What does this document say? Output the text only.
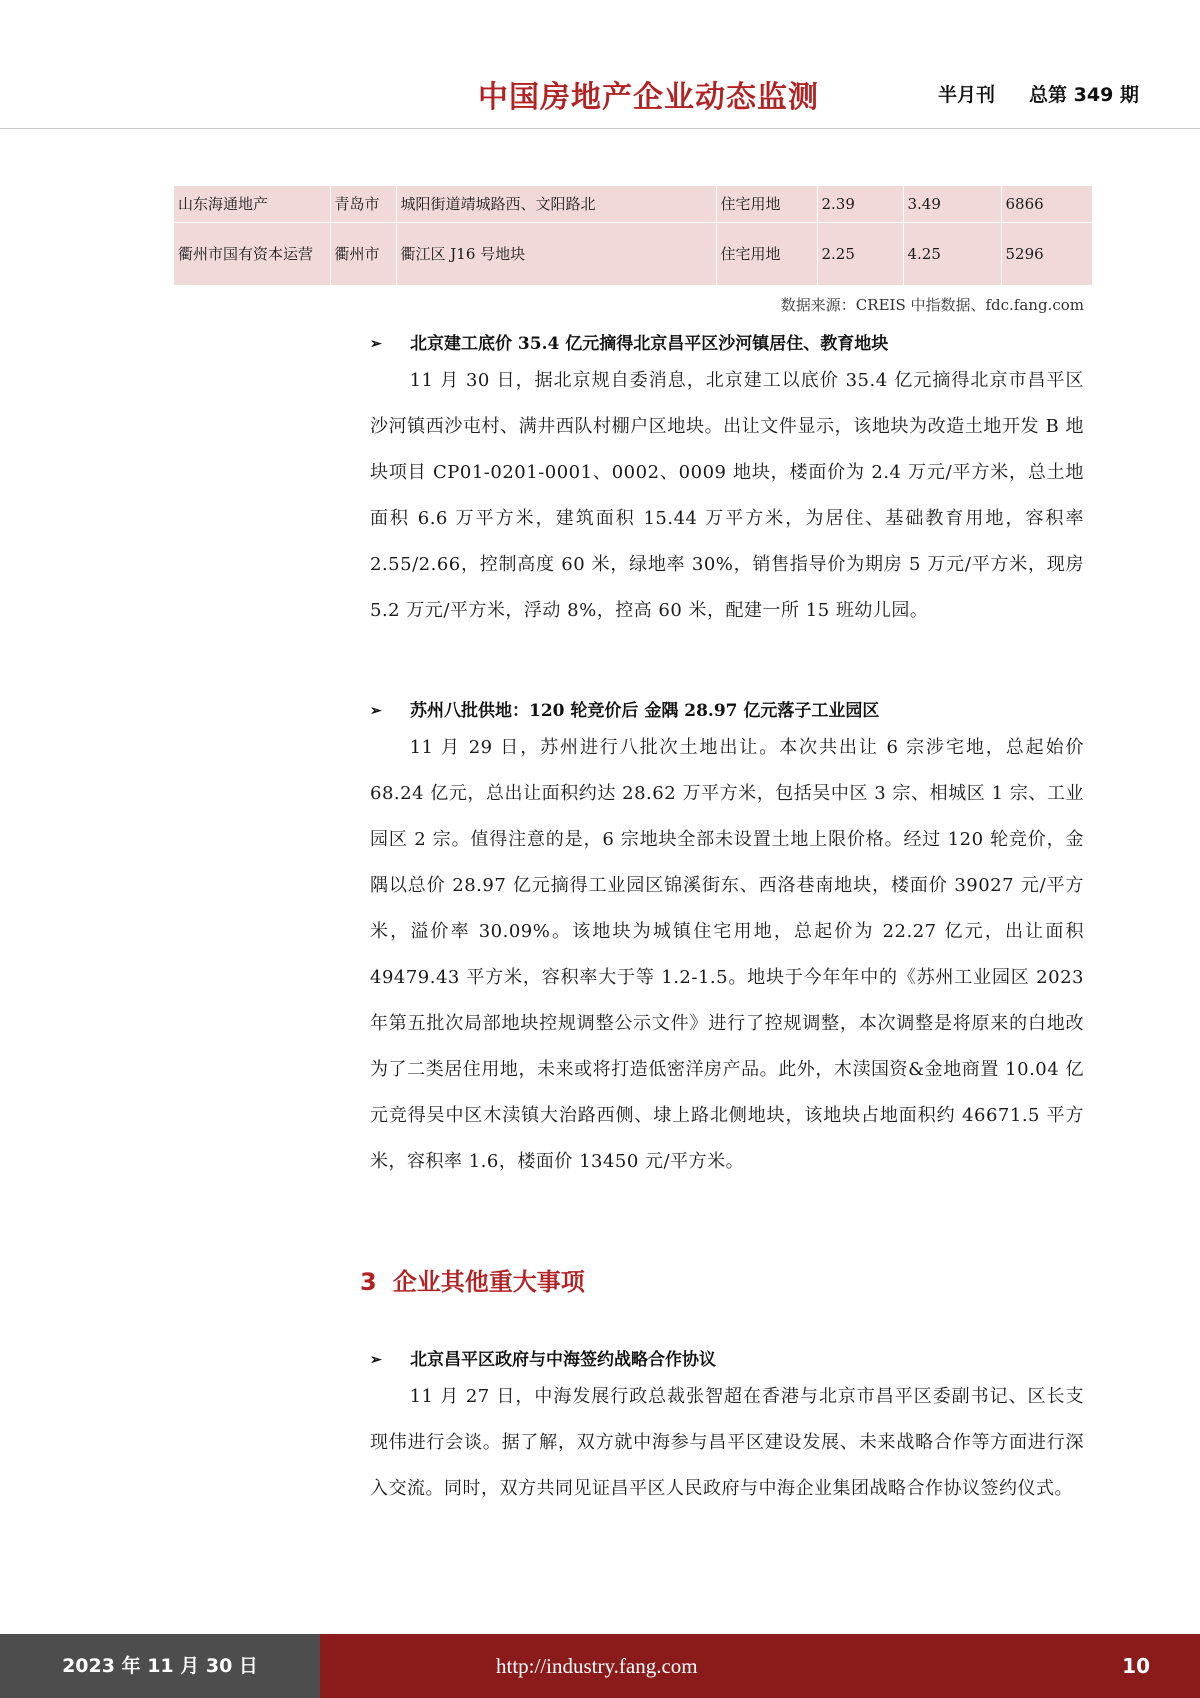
中国房地产企业动态监测	半月刊 总第 349 期
山东海通地产	青岛市	城阳街道靖城路西、文阳路北	住宅用地	2.39	3.49	6866
衢州市国有资本运营	衢州市	衢江区 J16 号地块	住宅用地	2.25	4.25	5296
数据来源：CREIS 中指数据、fdc.fang.com
➢ 北京建工底价 35.4 亿元摘得北京昌平区沙河镇居住、教育地块

11 月 30 日，据北京规自委消息，北京建工以底价 35.4 亿元摘得北京市昌平区沙河镇西沙屯村、满井西队村棚户区地块。出让文件显示，该地块为改造土地开发 B 地块项目 CP01-0201-0001、0002、0009 地块，楼面价为 2.4 万元/平方米，总土地面积 6.6 万平方米，建筑面积 15.44 万平方米，为居住、基础教育用地，容积率 2.55/2.66，控制高度 60 米，绿地率 30%，销售指导价为期房 5 万元/平方米，现房 5.2 万元/平方米，浮动 8%，控高 60 米，配建一所 15 班幼儿园。

➢ 苏州八批供地：120 轮竞价后 金隅 28.97 亿元落子工业园区

11 月 29 日，苏州进行八批次土地出让。本次共出让 6 宗涉宅地，总起始价 68.24 亿元，总出让面积约达 28.62 万平方米，包括吴中区 3 宗、相城区 1 宗、工业园区 2 宗。值得注意的是，6 宗地块全部未设置土地上限价格。经过 120 轮竞价，金隅以总价 28.97 亿元摘得工业园区锦溪街东、西洛巷南地块，楼面价 39027 元/平方米，溢价率 30.09%。该地块为城镇住宅用地，总起价为 22.27 亿元，出让面积 49479.43 平方米，容积率大于等 1.2-1.5。地块于今年年中的《苏州工业园区 2023 年第五批次局部地块控规调整公示文件》进行了控规调整，本次调整是将原来的白地改为了二类居住用地，未来或将打造低密洋房产品。此外，木渎国资&金地商置 10.04 亿元竞得吴中区木渎镇大治路西侧、埭上路北侧地块，该地块占地面积约 46671.5 平方米，容积率 1.6，楼面价 13450 元/平方米。

3 企业其他重大事项
➢ 北京昌平区政府与中海签约战略合作协议

11 月 27 日，中海发展行政总裁张智超在香港与北京市昌平区委副书记、区长支现伟进行会谈。据了解，双方就中海参与昌平区建设发展、未来战略合作等方面进行深入交流。同时，双方共同见证昌平区人民政府与中海企业集团战略合作协议签约仪式。

2023 年 11 月 30 日	http://industry.fang.com	10
